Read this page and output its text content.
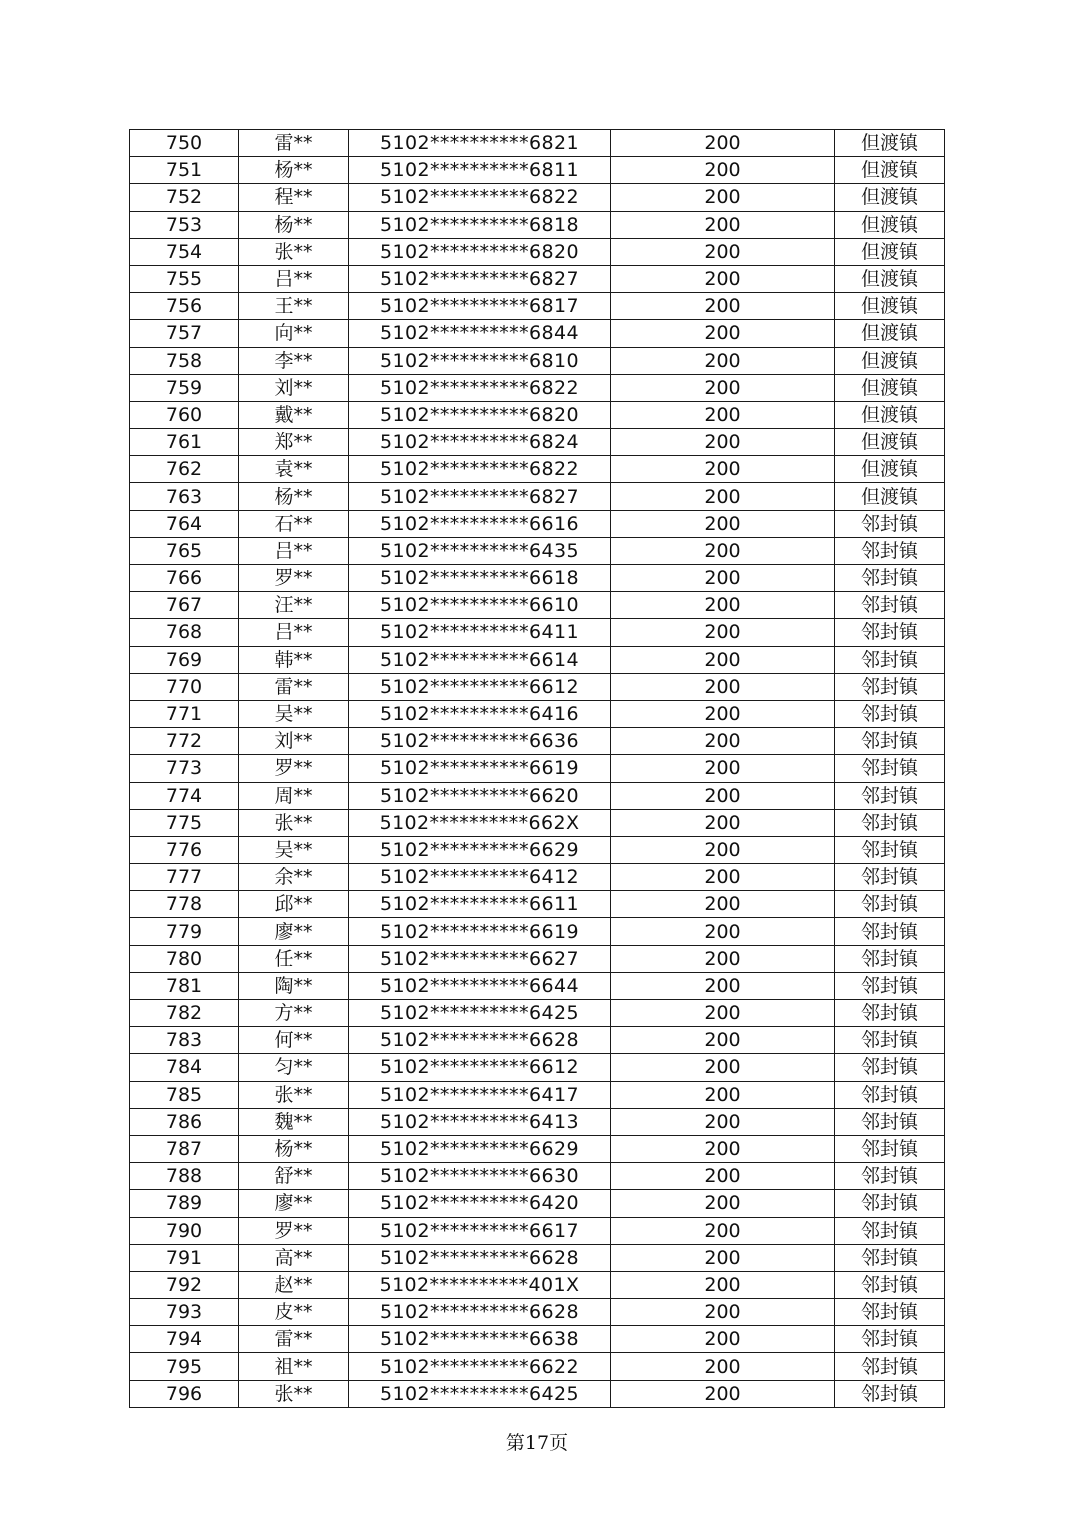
750	雷**	5102**********6821	200	但渡镇
751	杨**	5102**********6811	200	但渡镇
752	程**	5102**********6822	200	但渡镇
753	杨**	5102**********6818	200	但渡镇
754	张**	5102**********6820	200	但渡镇
755	吕**	5102**********6827	200	但渡镇
756	王**	5102**********6817	200	但渡镇
757	向**	5102**********6844	200	但渡镇
758	李**	5102**********6810	200	但渡镇
759	刘**	5102**********6822	200	但渡镇
760	戴**	5102**********6820	200	但渡镇
761	郑**	5102**********6824	200	但渡镇
762	袁**	5102**********6822	200	但渡镇
763	杨**	5102**********6827	200	但渡镇
764	石**	5102**********6616	200	邻封镇
765	吕**	5102**********6435	200	邻封镇
766	罗**	5102**********6618	200	邻封镇
767	汪**	5102**********6610	200	邻封镇
768	吕**	5102**********6411	200	邻封镇
769	韩**	5102**********6614	200	邻封镇
770	雷**	5102**********6612	200	邻封镇
771	吴**	5102**********6416	200	邻封镇
772	刘**	5102**********6636	200	邻封镇
773	罗**	5102**********6619	200	邻封镇
774	周**	5102**********6620	200	邻封镇
775	张**	5102**********662X	200	邻封镇
776	吴**	5102**********6629	200	邻封镇
777	余**	5102**********6412	200	邻封镇
778	邱**	5102**********6611	200	邻封镇
779	廖**	5102**********6619	200	邻封镇
780	任**	5102**********6627	200	邻封镇
781	陶**	5102**********6644	200	邻封镇
782	方**	5102**********6425	200	邻封镇
783	何**	5102**********6628	200	邻封镇
784	匀**	5102**********6612	200	邻封镇
785	张**	5102**********6417	200	邻封镇
786	魏**	5102**********6413	200	邻封镇
787	杨**	5102**********6629	200	邻封镇
788	舒**	5102**********6630	200	邻封镇
789	廖**	5102**********6420	200	邻封镇
790	罗**	5102**********6617	200	邻封镇
791	高**	5102**********6628	200	邻封镇
792	赵**	5102**********401X	200	邻封镇
793	皮**	5102**********6628	200	邻封镇
794	雷**	5102**********6638	200	邻封镇
795	祖**	5102**********6622	200	邻封镇
796	张**	5102**********6425	200	邻封镇
第17页
